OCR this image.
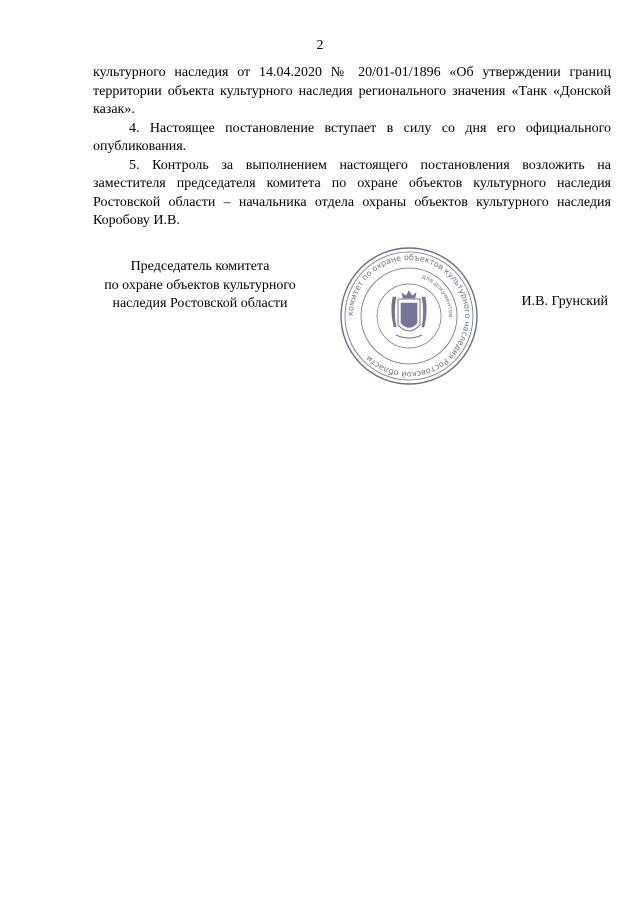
2

культурного наследия от 14.04.2020 № 20/01-01/1896 «Об утверждении границ территории объекта культурного наследия регионального значения «Танк «Донской казак».

4. Настоящее постановление вступает в силу со дня его официального опубликования.

5. Контроль за выполнением настоящего постановления возложить на заместителя председателя комитета по охране объектов культурного наследия Ростовской области – начальника отдела охраны объектов культурного наследия Коробову И.В.

Председатель комитета
по охране объектов культурного
наследия Ростовской области
комитет по охране объектов культурного наследия Ростовской области
для документов
И.В. Грунский
